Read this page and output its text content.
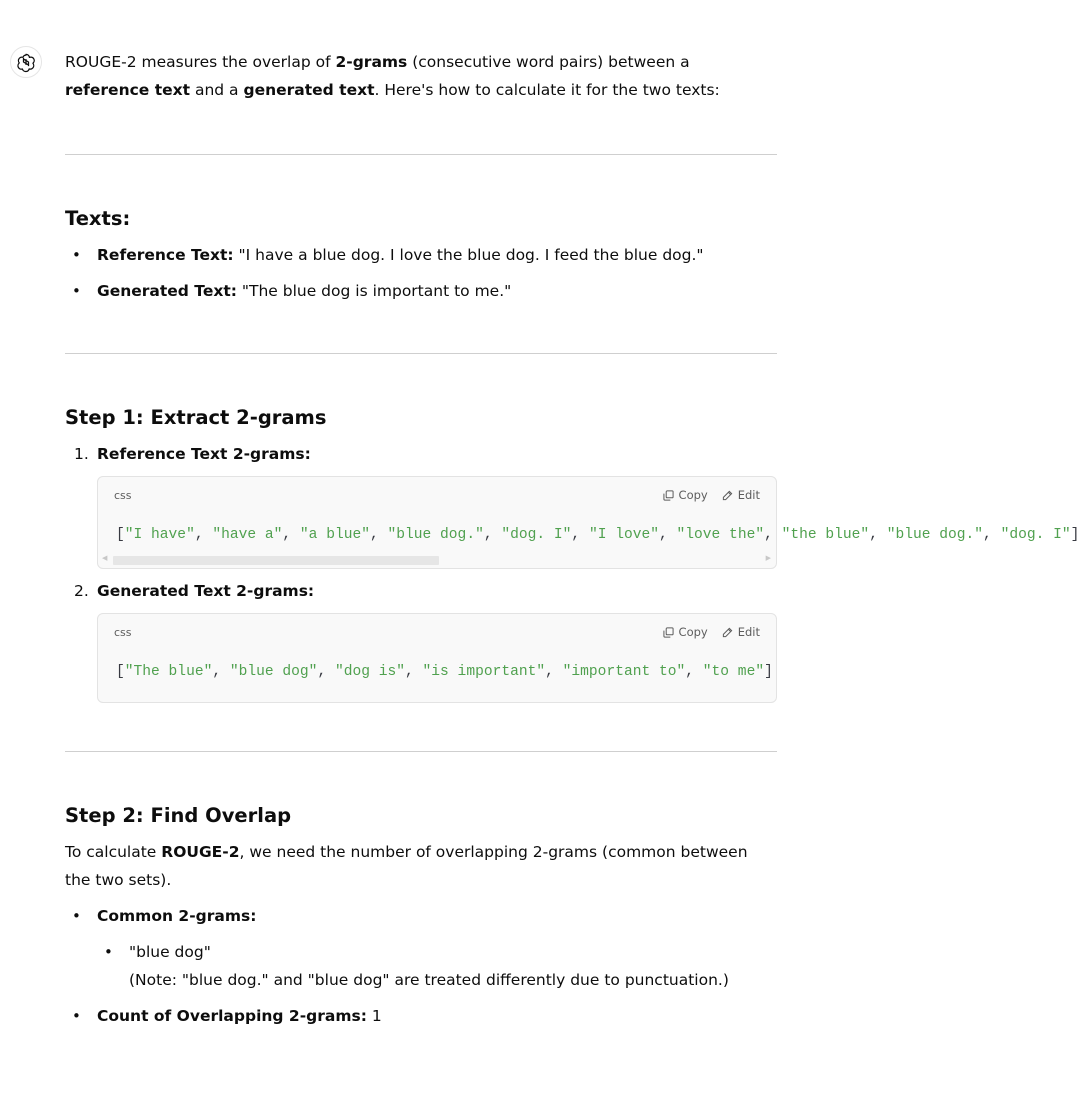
ROUGE-2 measures the overlap of 2-grams (consecutive word pairs) between a reference text and a generated text. Here's how to calculate it for the two texts:

Texts:
• Reference Text: "I have a blue dog. I love the blue dog. I feed the blue dog."
• Generated Text: "The blue dog is important to me."
Step 1: Extract 2-grams
1. Reference Text 2-grams:
css	Copy	Edit
["I have", "have a", "a blue", "blue dog.", "dog. I", "I love", "love the", "the blue", "blue dog.", "dog. I"]
◀	▶
2. Generated Text 2-grams:
css	Copy	Edit
["The blue", "blue dog", "dog is", "is important", "important to", "to me"]
Step 2: Find Overlap

To calculate ROUGE-2, we need the number of overlapping 2-grams (common between the two sets).

• Common 2-grams:
• "blue dog"
(Note: "blue dog." and "blue dog" are treated differently due to punctuation.)
• Count of Overlapping 2-grams: 1
